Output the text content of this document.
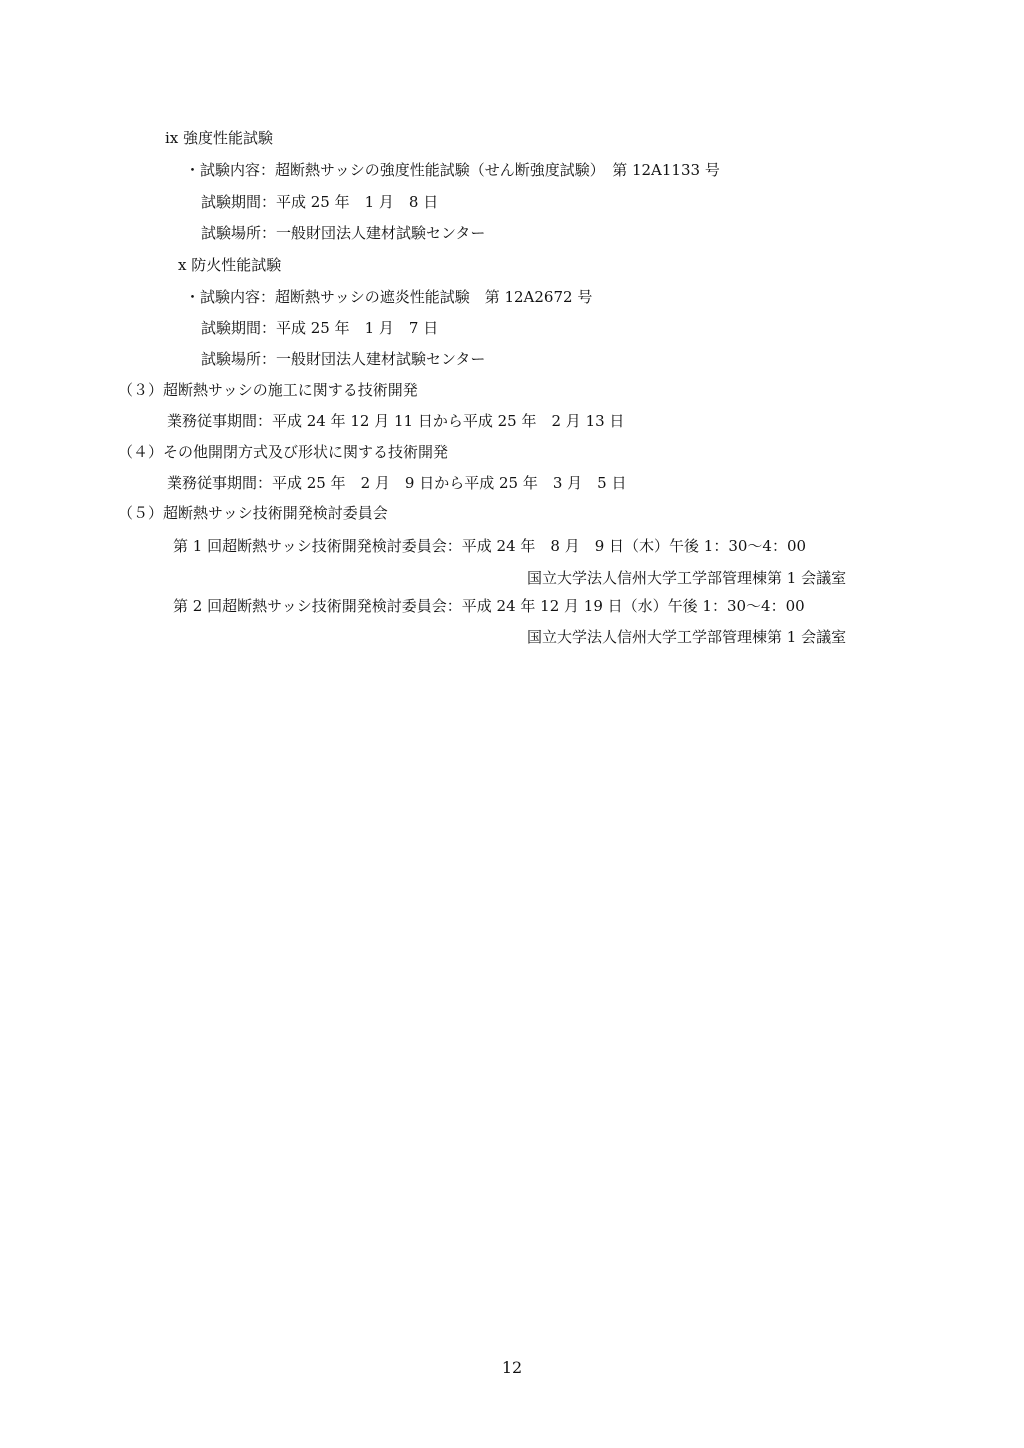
ⅸ 強度性能試験
・試験内容：超断熱サッシの強度性能試験（せん断強度試験）　第 12A1133 号
試験期間：平成 25 年　1 月　8 日
試験場所：一般財団法人建材試験センター
ⅹ 防火性能試験
・試験内容：超断熱サッシの遮炎性能試験　第 12A2672 号
試験期間：平成 25 年　1 月　7 日
試験場所：一般財団法人建材試験センター
（３）超断熱サッシの施工に関する技術開発
業務従事期間：平成 24 年 12 月 11 日から平成 25 年　2 月 13 日
（４）その他開閉方式及び形状に関する技術開発
業務従事期間：平成 25 年　2 月　9 日から平成 25 年　3 月　5 日
（５）超断熱サッシ技術開発検討委員会
第 1 回超断熱サッシ技術開発検討委員会：平成 24 年　8 月　9 日（木）午後 1：30～4：00
国立大学法人信州大学工学部管理棟第 1 会議室
第 2 回超断熱サッシ技術開発検討委員会：平成 24 年 12 月 19 日（水）午後 1：30～4：00
国立大学法人信州大学工学部管理棟第 1 会議室
12
